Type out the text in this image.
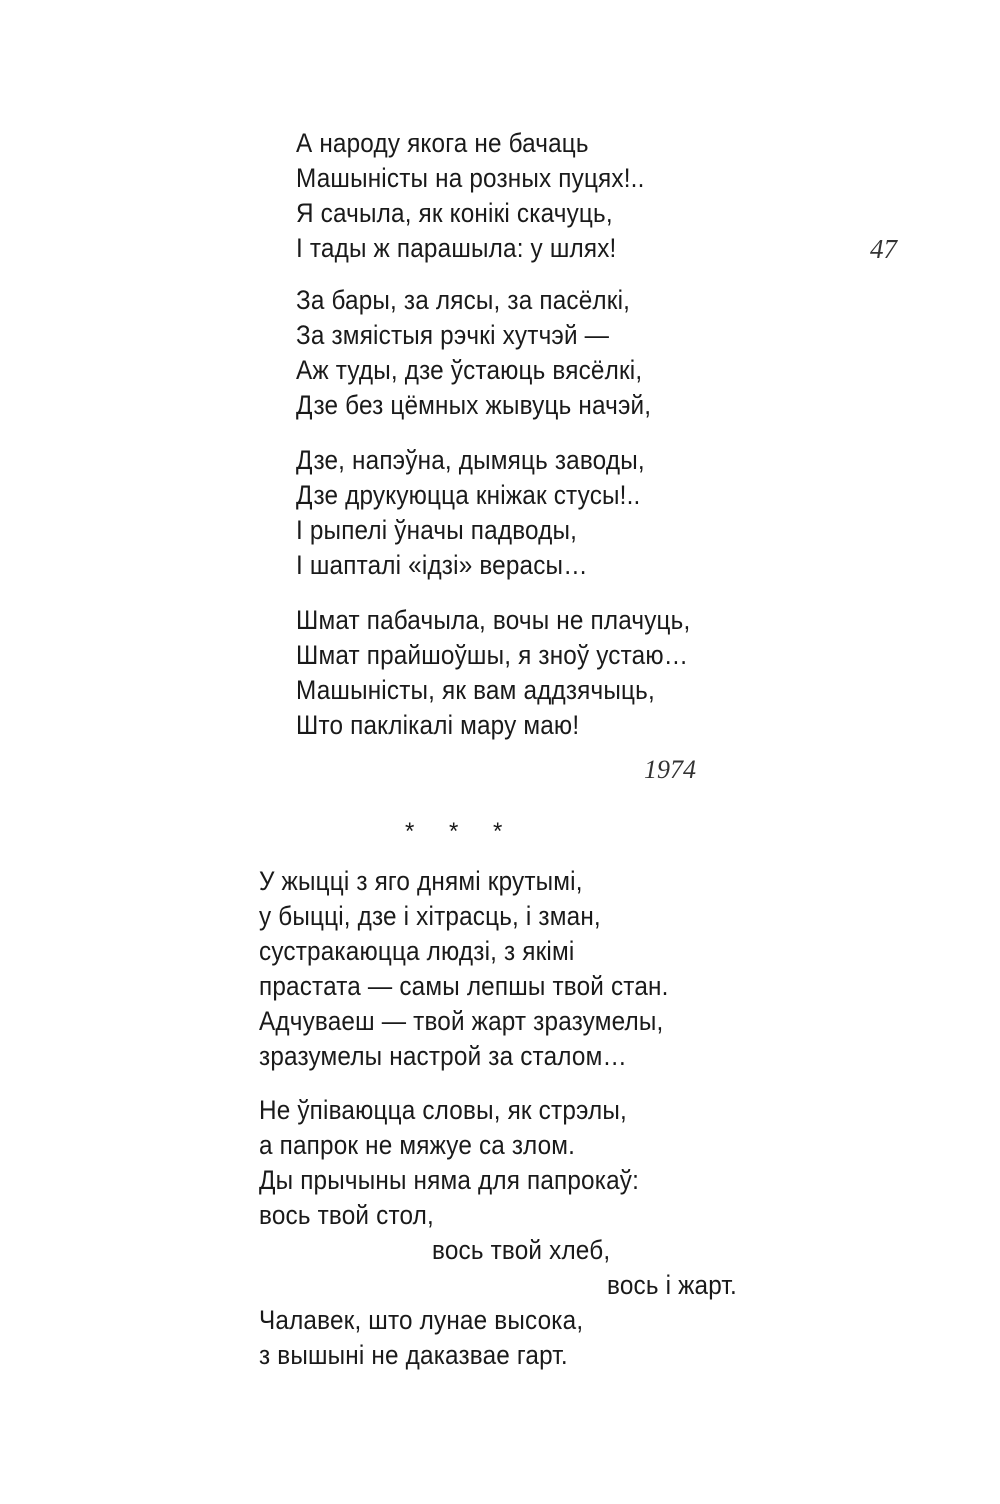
А народу якога не бачаць
Машыністы на розных пуцях!..
Я сачыла, як конікі скачуць,
І тады ж парашыла: у шлях!	47
За бары, за лясы, за пасёлкі,
За змяістыя рэчкі хутчэй —
Аж туды, дзе ўстаюць вясёлкі,
Дзе без цёмных жывуць начэй,
Дзе, напэўна, дымяць заводы,
Дзе друкуюцца кніжак стусы!..
І рыпелі ўначы падводы,
І шапталі «ідзі» верасы…
Шмат пабачыла, вочы не плачуць,
Шмат прайшоўшы, я зноў устаю…
Машыністы, як вам аддзячыць,
Што паклікалі мару маю!
1974
* * *
У жыцці з яго днямі крутымі,
у быцці, дзе і хітрасць, і зман,
сустракаюцца людзі, з якімі
прастата — самы лепшы твой стан.
Адчуваеш — твой жарт зразумелы,
зразумелы настрой за сталом…
Не ўпіваюцца словы, як стрэлы,
а папрок не мяжуе са злом.
Ды прычыны няма для папрокаў:
вось твой стол,
вось твой хлеб,
вось і жарт.
Чалавек, што лунае высока,
з вышыні не даказвае гарт.
